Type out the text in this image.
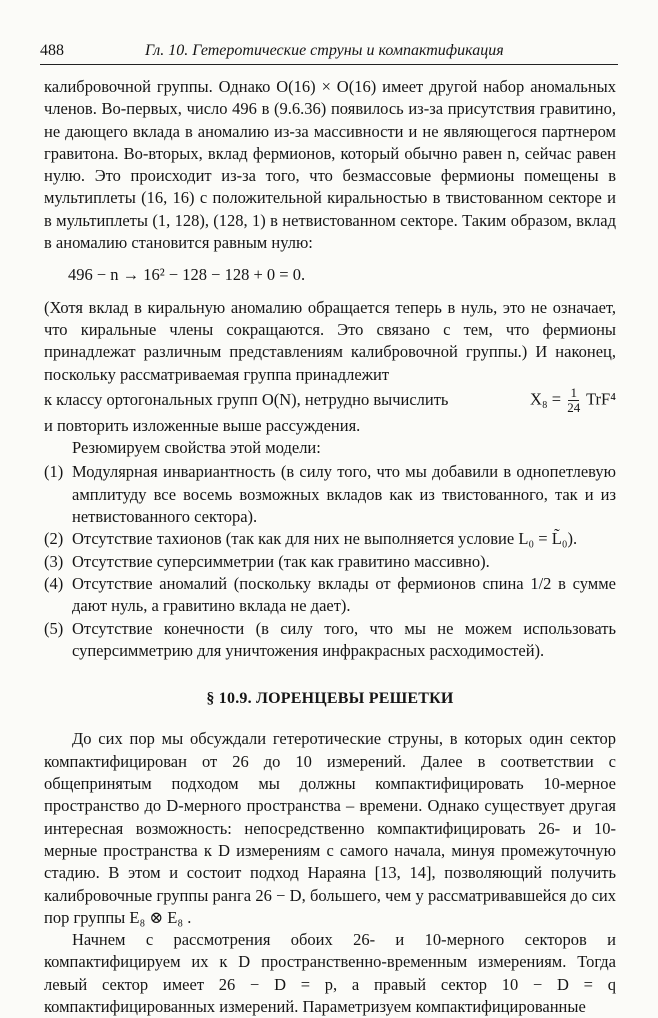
488	Гл. 10. Гетеротические струны и компактификация

калибровочной группы. Однако O(16) × O(16) имеет другой набор аномальных членов. Во-первых, число 496 в (9.6.36) появилось из-за присутствия гравитино, не дающего вклада в аномалию из-за массивности и не являющегося партнером гравитона. Во-вторых, вклад фермионов, который обычно равен n, сейчас равен нулю. Это происходит из-за того, что безмассовые фермионы помещены в мультиплеты (16, 16) с положительной киральностью в твистованном секторе и в мультиплеты (1, 128), (128, 1) в нетвистованном секторе. Таким образом, вклад в аномалию становится равным нулю:

496 − n → 16² − 128 − 128 + 0 = 0.

(Хотя вклад в киральную аномалию обращается теперь в нуль, это не означает, что киральные члены сокращаются. Это связано с тем, что фермионы принадлежат различным представлениям калибровочной группы.) И наконец, поскольку рассматриваемая группа принадлежит

к классу ортогональных групп O(N), нетрудно вычислить	$X_8 = \frac{1}{24} TrF^4$

и повторить изложенные выше рассуждения.

Резюмируем свойства этой модели:

(1) Модулярная инвариантность (в силу того, что мы добавили в однопетлевую амплитуду все восемь возможных вкладов как из твистованного, так и из нетвистованного сектора).
(2) Отсутствие тахионов (так как для них не выполняется условие L₀ = L̃₀).
(3) Отсутствие суперсимметрии (так как гравитино массивно).
(4) Отсутствие аномалий (поскольку вклады от фермионов спина 1/2 в сумме дают нуль, а гравитино вклада не дает).
(5) Отсутствие конечности (в силу того, что мы не можем использовать суперсимметрию для уничтожения инфракрасных расходимостей).
§ 10.9. ЛОРЕНЦЕВЫ РЕШЕТКИ

До сих пор мы обсуждали гетеротические струны, в которых один сектор компактифицирован от 26 до 10 измерений. Далее в соответствии с общепринятым подходом мы должны компактифицировать 10-мерное пространство до D-мерного пространства – времени. Однако существует другая интересная возможность: непосредственно компактифицировать 26- и 10-мерные пространства к D измерениям с самого начала, минуя промежуточную стадию. В этом и состоит подход Нараяна [13, 14], позволяющий получить калибровочные группы ранга 26 − D, большего, чем у рассматривавшейся до сих пор группы E₈ ⊗ E₈ .

Начнем с рассмотрения обоих 26- и 10-мерного секторов и компактифицируем их к D пространственно-временным измерениям. Тогда левый сектор имеет 26 − D = p, а правый сектор 10 − D = q компактифицированных измерений. Параметризуем компактифицированные
